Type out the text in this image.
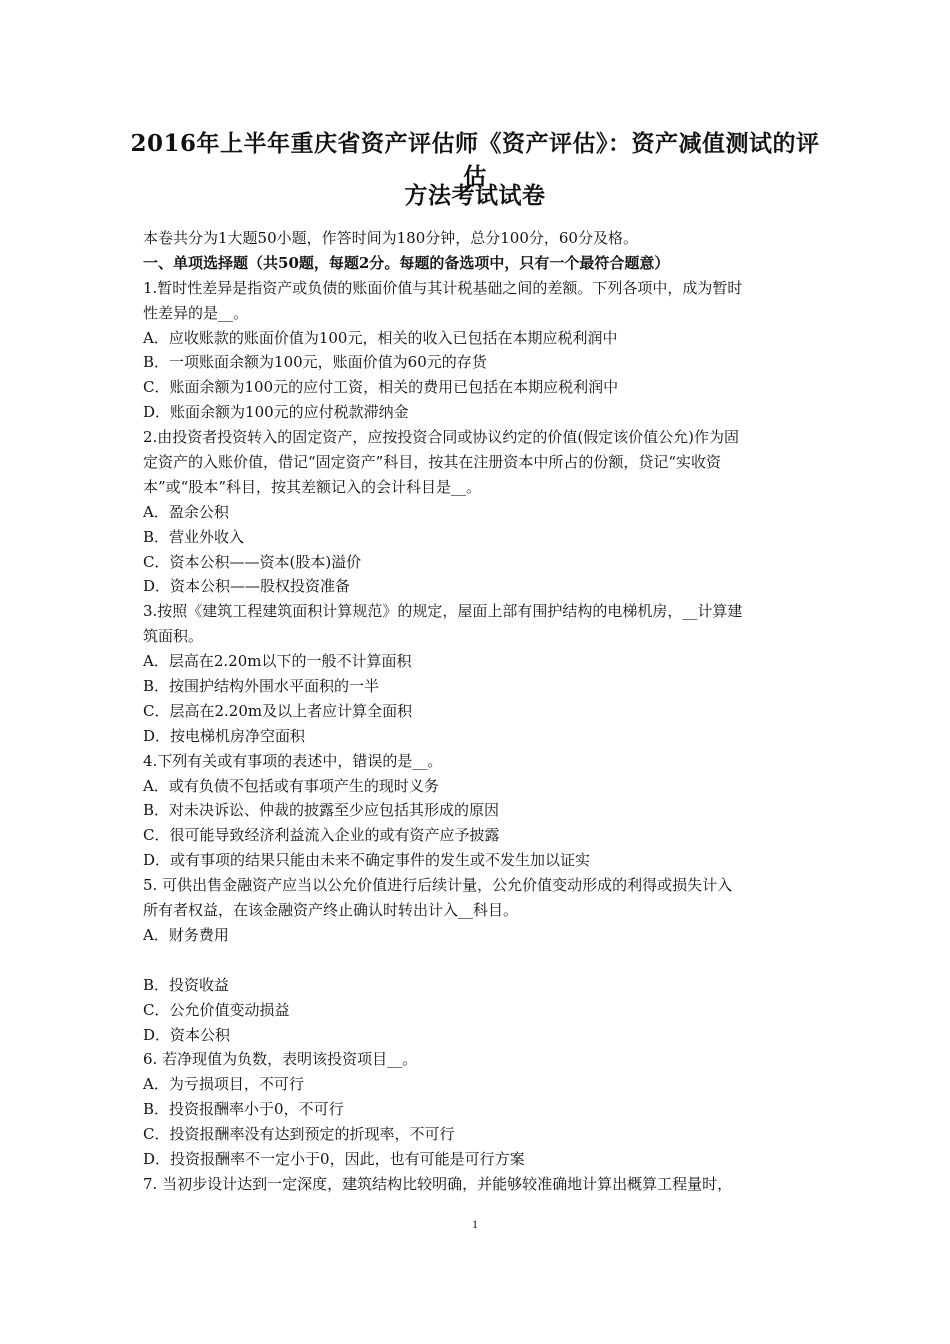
2016年上半年重庆省资产评估师《资产评估》：资产减值测试的评估
方法考试试卷
本卷共分为1大题50小题，作答时间为180分钟，总分100分，60分及格。
一、单项选择题（共50题，每题2分。每题的备选项中，只有一个最符合题意）
1.暂时性差异是指资产或负债的账面价值与其计税基础之间的差额。下列各项中，成为暂时
性差异的是__。
A．应收账款的账面价值为100元，相关的收入已包括在本期应税利润中
B．一项账面余额为100元，账面价值为60元的存货
C．账面余额为100元的应付工资，相关的费用已包括在本期应税利润中
D．账面余额为100元的应付税款滞纳金
2.由投资者投资转入的固定资产，应按投资合同或协议约定的价值(假定该价值公允)作为固
定资产的入账价值，借记“固定资产”科目，按其在注册资本中所占的份额，贷记“实收资
本”或“股本”科目，按其差额记入的会计科目是__。
A．盈余公积
B．营业外收入
C．资本公积——资本(股本)溢价
D．资本公积——股权投资准备
3.按照《建筑工程建筑面积计算规范》的规定，屋面上部有围护结构的电梯机房，__计算建
筑面积。
A．层高在2.20m以下的一般不计算面积
B．按围护结构外围水平面积的一半
C．层高在2.20m及以上者应计算全面积
D．按电梯机房净空面积
4.下列有关或有事项的表述中，错误的是__。
A．或有负债不包括或有事项产生的现时义务
B．对未决诉讼、仲裁的披露至少应包括其形成的原因
C．很可能导致经济利益流入企业的或有资产应予披露
D．或有事项的结果只能由未来不确定事件的发生或不发生加以证实
5. 可供出售金融资产应当以公允价值进行后续计量，公允价值变动形成的利得或损失计入
所有者权益，在该金融资产终止确认时转出计入__科目。
A．财务费用
B．投资收益
C．公允价值变动损益
D．资本公积
6. 若净现值为负数，表明该投资项目__。
A．为亏损项目，不可行
B．投资报酬率小于0，不可行
C．投资报酬率没有达到预定的折现率，不可行
D．投资报酬率不一定小于0，因此，也有可能是可行方案
7. 当初步设计达到一定深度，建筑结构比较明确，并能够较准确地计算出概算工程量时，
1
